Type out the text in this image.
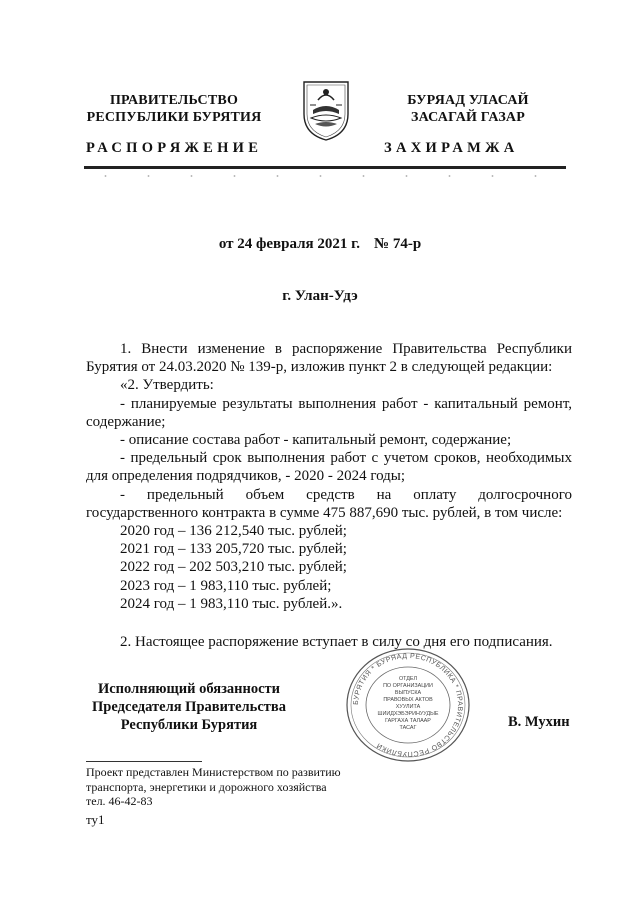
ПРАВИТЕЛЬСТВО
РЕСПУБЛИКИ БУРЯТИЯ
БУРЯАД УЛАСАЙ
ЗАСАГАЙ ГАЗАР
РАСПОРЯЖЕНИЕ	ЗАХИРАМЖА
от 24 февраля 2021 г. № 74-р
г. Улан-Удэ

1. Внести изменение в распоряжение Правительства Республики Бурятия от 24.03.2020 № 139-р, изложив пункт 2 в следующей редакции:

«2. Утвердить:

- планируемые результаты выполнения работ - капитальный ремонт, содержание;

- описание состава работ - капитальный ремонт, содержание;

- предельный срок выполнения работ с учетом сроков, необходимых для определения подрядчиков, - 2020 - 2024 годы;

- предельный объем средств на оплату долгосрочного государственного контракта в сумме 475 887,690 тыс. рублей, в том числе:

2020 год – 136 212,540 тыс. рублей;

2021 год – 133 205,720 тыс. рублей;

2022 год – 202 503,210 тыс. рублей;

2023 год – 1 983,110 тыс. рублей;

2024 год – 1 983,110 тыс. рублей.».

2. Настоящее распоряжение вступает в силу со дня его подписания.

Исполняющий обязанности
Председателя Правительства
Республики Бурятия
БУРЯТИЯ * БУРЯАД РЕСПУБЛИКА * ПРАВИТЕЛЬСТВО РЕСПУБЛИКИ
ОТДЕЛ
ПО ОРГАНИЗАЦИИ
ВЫПУСКА
ПРАВОВЫХ АКТОВ
ХУУЛИТА
ШИИДХЭБЭРИНУУДЫЕ
ГАРГАХА ТАЛААР
ТАСАГ	В. Мухин
Проект представлен Министерством по развитию
транспорта, энергетики и дорожного хозяйства
тел. 46-42-83
ту1
